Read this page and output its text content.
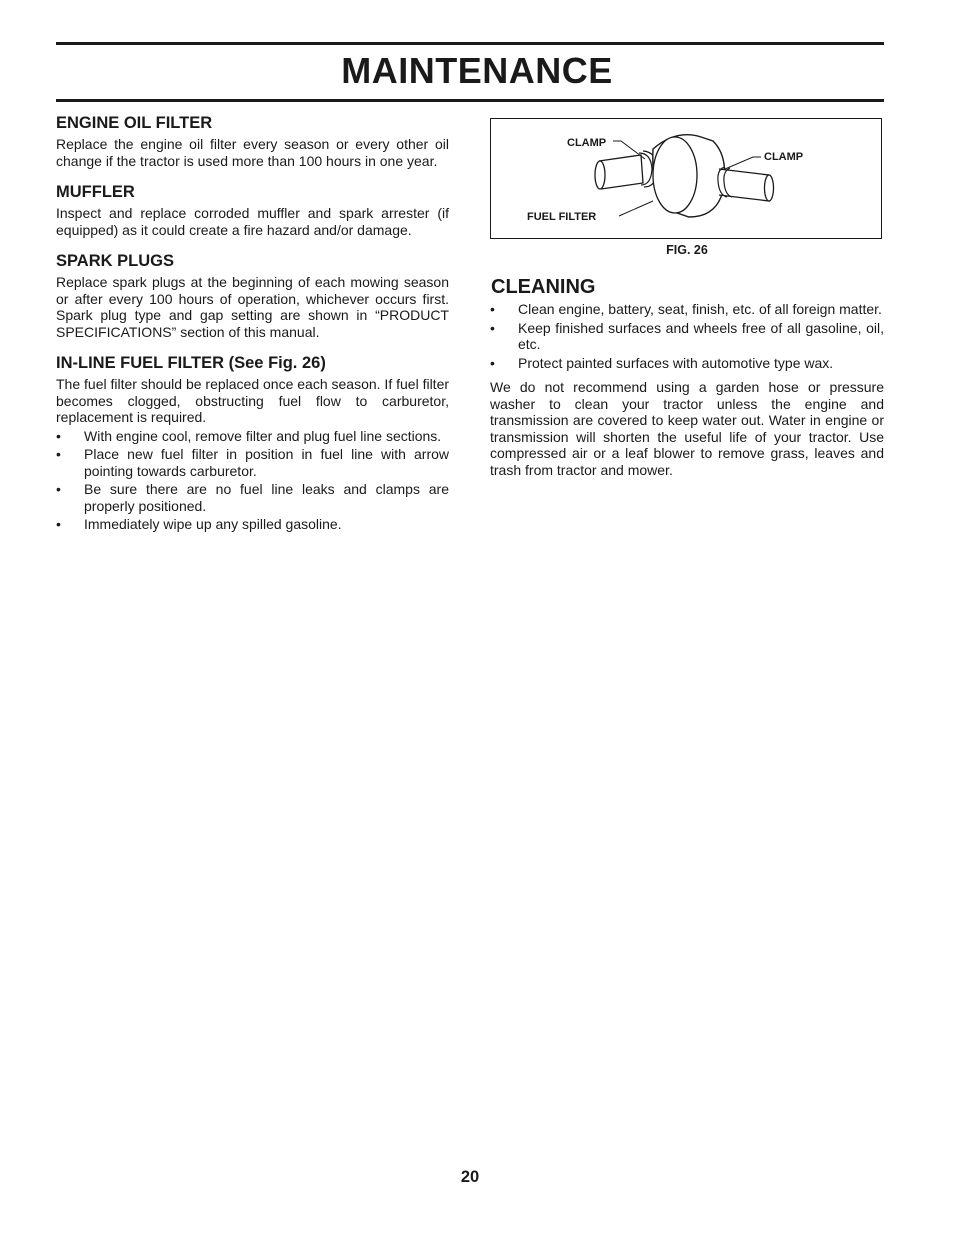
MAINTENANCE
ENGINE OIL FILTER

Replace the engine oil filter every season or every other oil change if the tractor is used more than 100 hours in one year.

MUFFLER

Inspect and replace corroded muffler and spark arrester (if equipped) as it could create a fire hazard and/or damage.

SPARK PLUGS

Replace spark plugs at the beginning of each mowing season or after every 100 hours of operation, whichever occurs first. Spark plug type and gap setting are shown in “PRODUCT SPECIFICATIONS” section of this manual.

IN-LINE FUEL FILTER (See Fig. 26)

The fuel filter should be replaced once each season. If fuel filter becomes clogged, obstructing fuel flow to carburetor, replacement is required.

• With engine cool, remove filter and plug fuel line sections.
• Place new fuel filter in position in fuel line with arrow pointing towards carburetor.
• Be sure there are no fuel line leaks and clamps are properly positioned.
• Immediately wipe up any spilled gasoline.
CLAMP
CLAMP
FUEL FILTER
FIG. 26
CLEANING
• Clean engine, battery, seat, finish, etc. of all foreign matter.
• Keep finished surfaces and wheels free of all gasoline, oil, etc.
• Protect painted surfaces with automotive type wax.

We do not recommend using a garden hose or pressure washer to clean your tractor unless the engine and transmission are covered to keep water out. Water in engine or transmission will shorten the useful life of your tractor. Use compressed air or a leaf blower to remove grass, leaves and trash from tractor and mower.

20
